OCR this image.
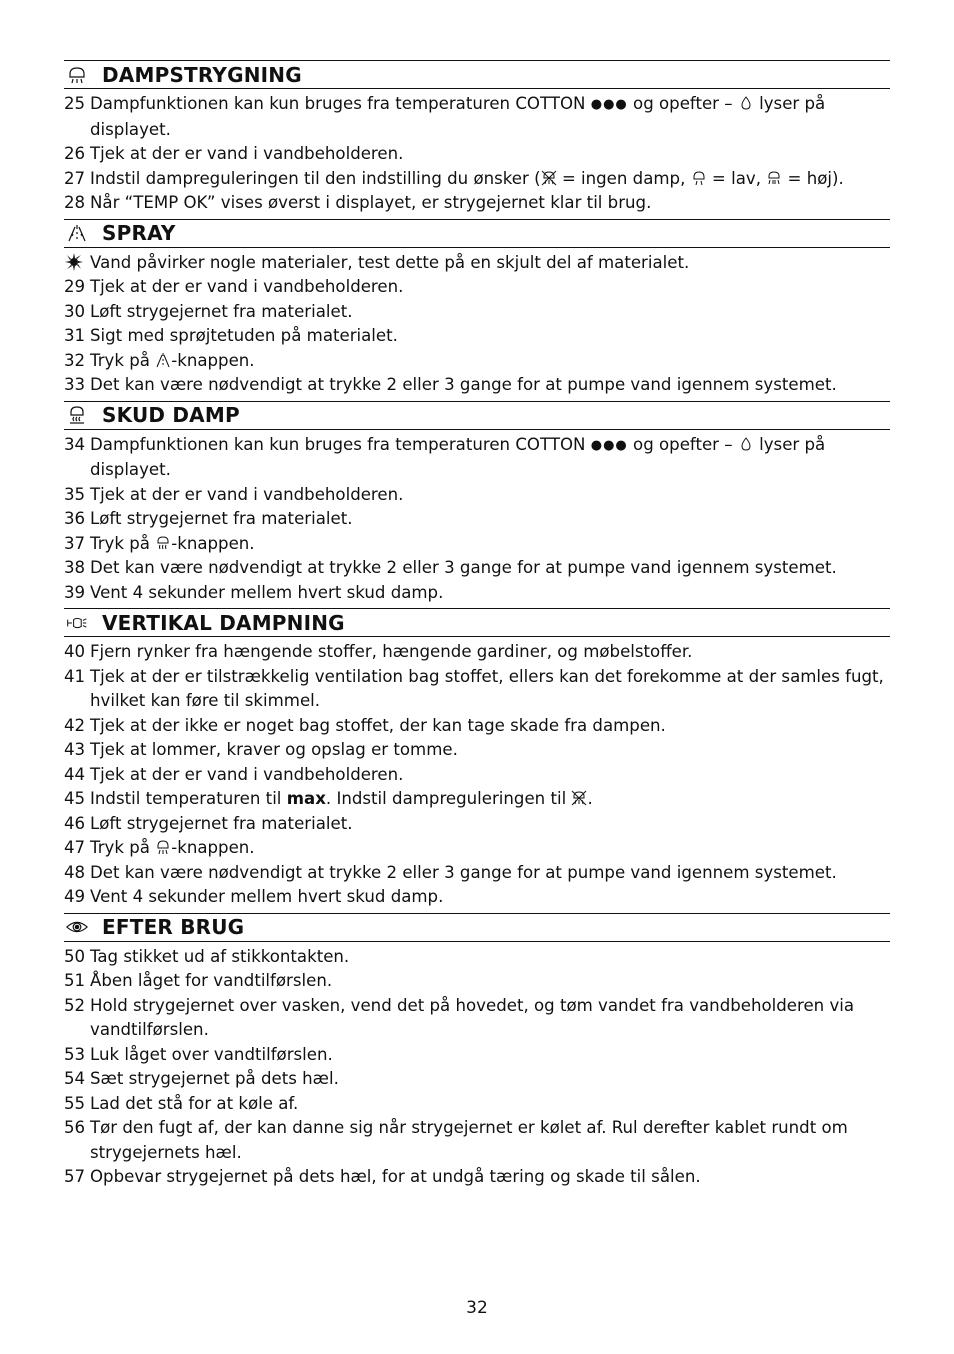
DAMPSTRYGNING
25 Dampfunktionen kan kun bruges fra temperaturen COTTON ●●● og opefter – lyser på displayet.
26 Tjek at der er vand i vandbeholderen.
27 Indstil dampreguleringen til den indstilling du ønsker ( = ingen damp, = lav, = høj).
28 Når “TEMP OK” vises øverst i displayet, er strygejernet klar til brug.
SPRAY
Vand påvirker nogle materialer, test dette på en skjult del af materialet.
29 Tjek at der er vand i vandbeholderen.
30 Løft strygejernet fra materialet.
31 Sigt med sprøjtetuden på materialet.
32 Tryk på -knappen.
33 Det kan være nødvendigt at trykke 2 eller 3 gange for at pumpe vand igennem systemet.
SKUD DAMP
34 Dampfunktionen kan kun bruges fra temperaturen COTTON ●●● og opefter – lyser på displayet.
35 Tjek at der er vand i vandbeholderen.
36 Løft strygejernet fra materialet.
37 Tryk på -knappen.
38 Det kan være nødvendigt at trykke 2 eller 3 gange for at pumpe vand igennem systemet.
39 Vent 4 sekunder mellem hvert skud damp.
VERTIKAL DAMPNING
40 Fjern rynker fra hængende stoffer, hængende gardiner, og møbelstoffer.
41 Tjek at der er tilstrækkelig ventilation bag stoffet, ellers kan det forekomme at der samles fugt, hvilket kan føre til skimmel.
42 Tjek at der ikke er noget bag stoffet, der kan tage skade fra dampen.
43 Tjek at lommer, kraver og opslag er tomme.
44 Tjek at der er vand i vandbeholderen.
45 Indstil temperaturen til max. Indstil dampreguleringen til .
46 Løft strygejernet fra materialet.
47 Tryk på -knappen.
48 Det kan være nødvendigt at trykke 2 eller 3 gange for at pumpe vand igennem systemet.
49 Vent 4 sekunder mellem hvert skud damp.
EFTER BRUG
50 Tag stikket ud af stikkontakten.
51 Åben låget for vandtilførslen.
52 Hold strygejernet over vasken, vend det på hovedet, og tøm vandet fra vandbeholderen via vandtilførslen.
53 Luk låget over vandtilførslen.
54 Sæt strygejernet på dets hæl.
55 Lad det stå for at køle af.
56 Tør den fugt af, der kan danne sig når strygejernet er kølet af. Rul derefter kablet rundt om strygejernets hæl.
57 Opbevar strygejernet på dets hæl, for at undgå tæring og skade til sålen.
32
